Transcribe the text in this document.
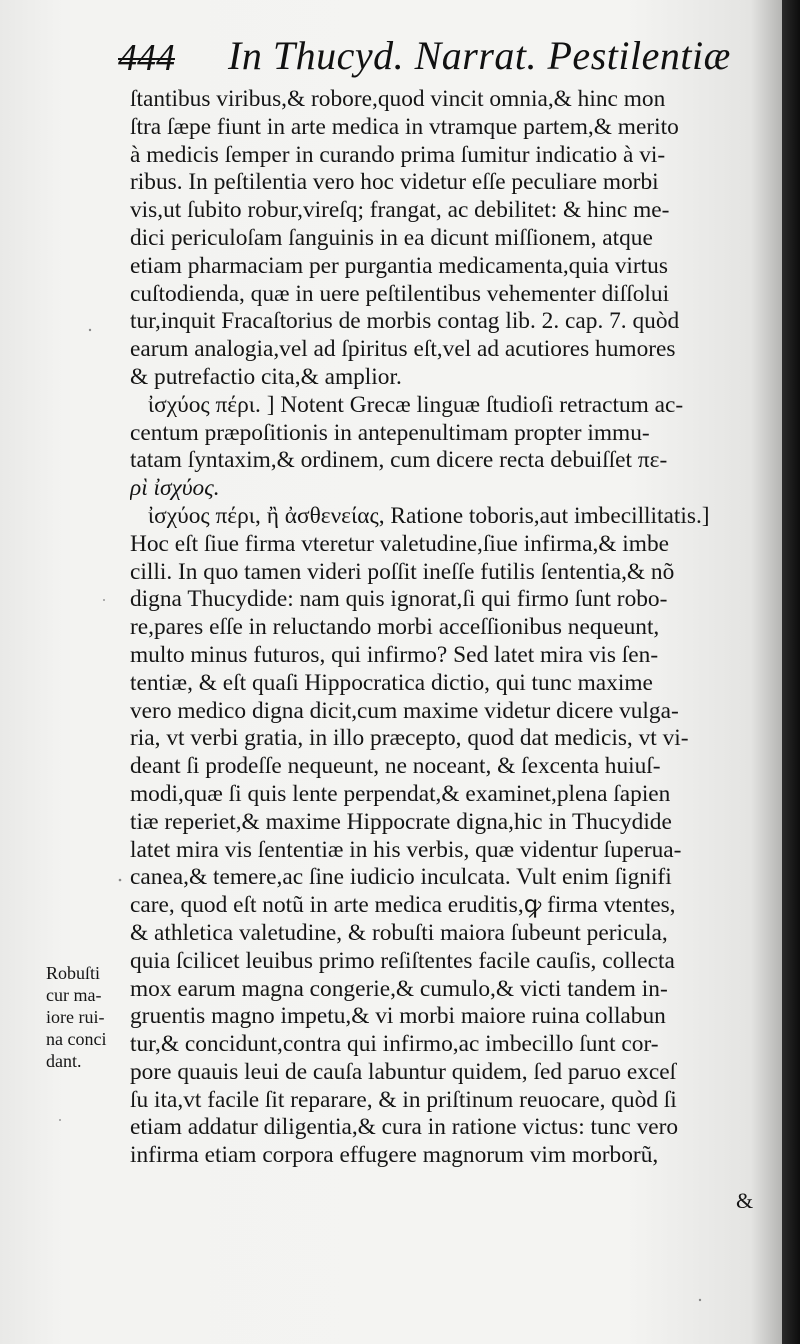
444 In Thucyd. Narrat. Pestilentiæ
ſtantibus viribus,& robore,quod vincit omnia,& hinc mon
ſtra ſæpe fiunt in arte medica in vtramque partem,& merito
à medicis ſemper in curando prima ſumitur indicatio à vi-
ribus. In peſtilentia vero hoc videtur eſſe peculiare morbi
vis,ut ſubito robur,vireſq; frangat, ac debilitet: & hinc me-
dici periculoſam ſanguinis in ea dicunt miſſionem, atque
etiam pharmaciam per purgantia medicamenta,quia virtus
cuſtodienda, quæ in uere peſtilentibus vehementer diſſolui
tur,inquit Fracaſtorius de morbis contag lib. 2. cap. 7. quòd
earum analogia,vel ad ſpiritus eſt,vel ad acutiores humores
& putrefactio cita,& amplior.
ἰσχύος πέρι. ] Notent Grecæ linguæ ſtudioſi retractum ac-
centum præpoſitionis in antepenultimam propter immu-
tatam ſyntaxim,& ordinem, cum dicere recta debuiſſet πε-
ρὶ ἰσχύος.
ἰσχύος πέρι, ἢ ἀσθενείας, Ratione toboris,aut imbecillitatis.]
Hoc eſt ſiue firma vteretur valetudine,ſiue infirma,& imbe
cilli. In quo tamen videri poſſit ineſſe futilis ſententia,& nõ
digna Thucydide: nam quis ignorat,ſi qui firmo ſunt robo-
re,pares eſſe in reluctando morbi acceſſionibus nequeunt,
multo minus futuros, qui infirmo? Sed latet mira vis ſen-
tentiæ, & eſt quaſi Hippocratica dictio, qui tunc maxime
vero medico digna dicit,cum maxime videtur dicere vulga-
ria, vt verbi gratia, in illo præcepto, quod dat medicis, vt vi-
deant ſi prodeſſe nequeunt, ne noceant, & ſexcenta huiuſ-
modi,quæ ſi quis lente perpendat,& examinet,plena ſapien
tiæ reperiet,& maxime Hippocrate digna,hic in Thucydide
latet mira vis ſententiæ in his verbis, quæ videntur ſuperua-
canea,& temere,ac ſine iudicio inculcata. Vult enim ſignifi
care, quod eſt notũ in arte medica eruditis,ꝙ firma vtentes,
& athletica valetudine, & robuſti maiora ſubeunt pericula,
quia ſcilicet leuibus primo reſiſtentes facile cauſis, collecta
mox earum magna congerie,& cumulo,& victi tandem in-
gruentis magno impetu,& vi morbi maiore ruina collabun
tur,& concidunt,contra qui infirmo,ac imbecillo ſunt cor-
pore quauis leui de cauſa labuntur quidem, ſed paruo exceſ
ſu ita,vt facile ſit reparare, & in priſtinum reuocare, quòd ſi
etiam addatur diligentia,& cura in ratione victus: tunc vero
infirma etiam corpora effugere magnorum vim morborũ,
Robuſti
cur ma-
iore rui-
na conci
dant.
&
